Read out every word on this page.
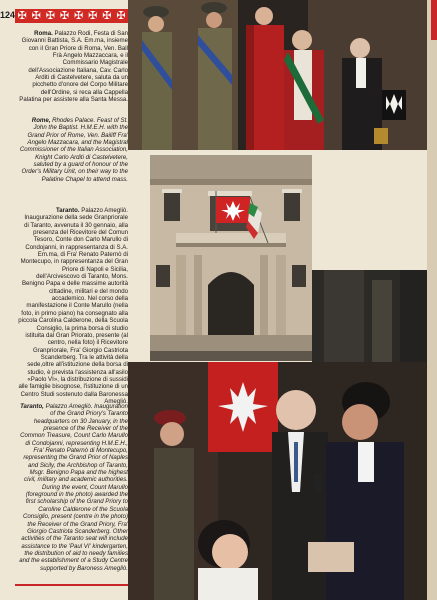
124 ✠ ✠ ✠ ✠ ✠ ✠ ✠ ✠
Roma. Palazzo Rodi, Festa di San Giovanni Battista, S.A. Em.ma, insieme con il Gran Priore di Roma, Ven. Ball Frà Angelo Mazzaccara, e il Commissario Magistrale dell'Associazione Italiana, Cav. Carlo Arditi di Castelvetere, saluta da un picchetto d'onore del Corpo Militare dell'Ordine, si reca alla Cappella Palatina per assistere alla Santa Messa.
Rome, Rhodes Palace. Feast of St. John the Baptist. H.M.E.H. with the Grand Prior of Rome, Ven. Bailiff Fra' Angelo Mazzacara, and the Magistral Commissioner of the Italian Association, Knight Carlo Arditi di Castelvetere, saluted by a guard of honour of the Order's Military Unit, on their way to the Palatine Chapel to attend mass.
Taranto. Palazzo Amegliò. Inaugurazione della sede Granpriorale di Taranto, avvenuta il 30 gennaio, alla presenza del Ricevitore del Comun Tesoro, Conte don Carlo Marullo di Condojanni, in rappresentanza di S.A. Em.ma, di Fra' Renato Paternò di Montecupo, in rappresentanza del Gran Priore di Napoli e Sicilia, dell'Arcivescovo di Taranto, Mons. Benigno Papa e delle massime autorità cittadine, militari e del mondo accademico. Nel corso della manifestazione il Conte Marullo (nella foto, in primo piano) ha consegnato alla piccola Carolina Calderone, della Scuola Consiglio, la prima borsa di studio istituita dal Gran Priorato, presente (al centro, nella foto) il Ricevitore Granpriorale, Fra' Giorgio Castriota Scanderberg. Tra le attività della sede,oltre all'istituzione della borsa di studio, è prevista l'assistenza all'asilo «Paolo VI», la distribuzione di sussidi alle famiglie bisognose, l'istituzione di un Centro Studi sostenuto dalla Baronessa Amegliò.
Taranto, Palazzo Amegliò. Inauguration of the Grand Priory's Taranto headquarters on 30 January, in the presence of the Receiver of the Common Treasure, Count Carlo Marullo di Condojanni, representing H.M.E.H., Fra' Renato Paternò di Montecupo, representing the Grand Prior of Naples and Sicily, the Archbishop of Taranto, Msgr. Benigno Papa and the highest civil, military and academic authorities. During the event, Count Marullo (foreground in the photo) awarded the first scholarship of the Grand Priory to Caroline Calderone of the Scuola Consiglio, present (centre in the photo) the Receiver of the Grand Priory, Fra' Giorgio Castriota Scanderberg. Other activities of the Taranto seat will include assistance to the 'Paul VI' kindergarten, the distribution of aid to needy families and the establishment of a Study Centre supported by Baroness Amegliò.
